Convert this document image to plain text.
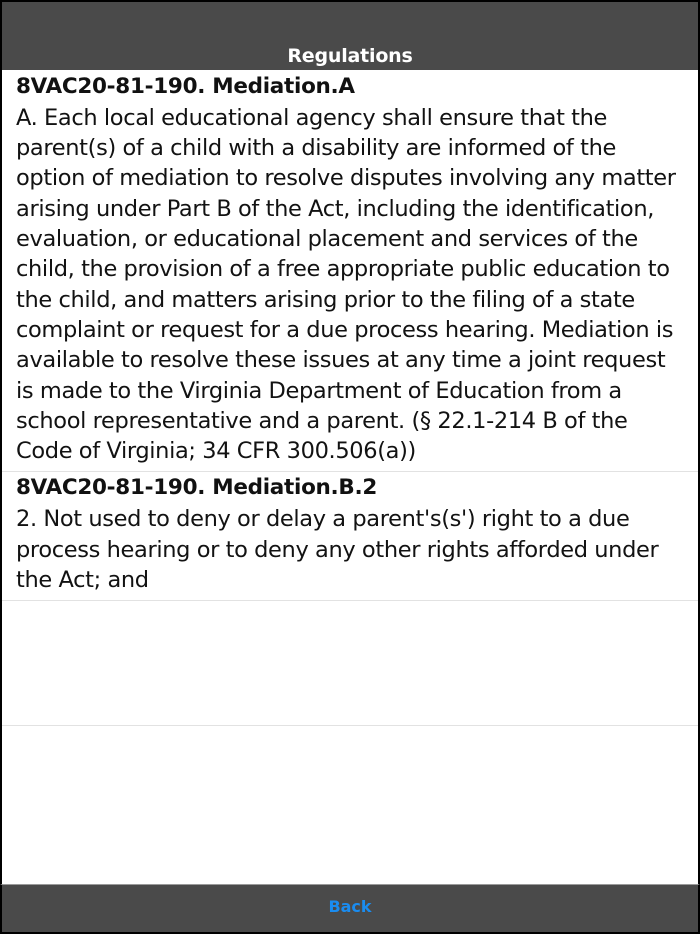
Regulations
8VAC20-81-190. Mediation.A
A. Each local educational agency shall ensure that the parent(s) of a child with a disability are informed of the option of mediation to resolve disputes involving any matter arising under Part B of the Act, including the identification, evaluation, or educational placement and services of the child, the provision of a free appropriate public education to the child, and matters arising prior to the filing of a state complaint or request for a due process hearing. Mediation is available to resolve these issues at any time a joint request is made to the Virginia Department of Education from a school representative and a parent. (§ 22.1-214 B of the Code of Virginia; 34 CFR 300.506(a))
8VAC20-81-190. Mediation.B.2
2. Not used to deny or delay a parent's(s') right to a due process hearing or to deny any other rights afforded under the Act; and
Back
